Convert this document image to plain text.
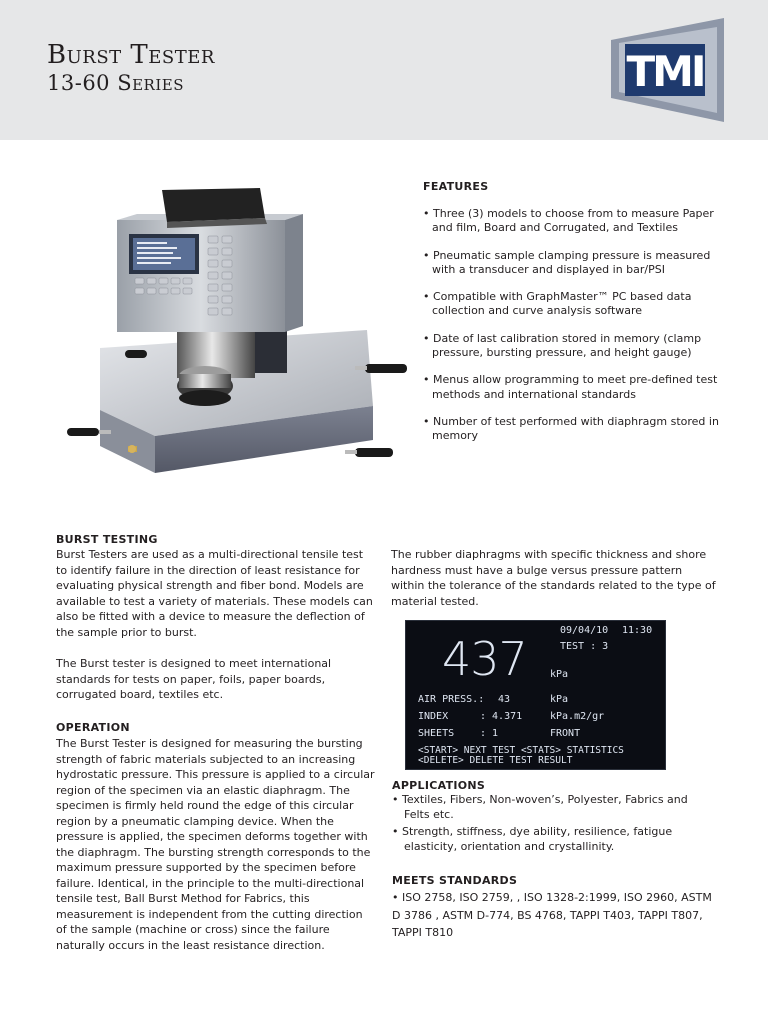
Burst Tester
13-60 Series	TMI
FEATURES
• Three (3) models to choose from to measure Paper and film, Board and Corrugated, and Textiles
• Pneumatic sample clamping pressure is measured with a transducer and displayed in bar/PSI
• Compatible with GraphMaster™ PC based data collection and curve analysis software
• Date of last calibration stored in memory (clamp pressure, bursting pressure, and height gauge)
• Menus allow programming to meet pre-defined test methods and international standards
• Number of test performed with diaphragm stored in memory
BURST TESTING
Burst Testers are used as a multi-directional tensile test to identify failure in the direction of least resistance for evaluating physical strength and fiber bond. Models are available to test a variety of materials. These models can also be fitted with a device to measure the deflection of the sample prior to burst.
The Burst tester is designed to meet international standards for tests on paper, foils, paper boards, corrugated board, textiles etc.
OPERATION
The Burst Tester is designed for measuring the bursting strength of fabric materials subjected to an increasing hydrostatic pressure. This pressure is applied to a circular region of the specimen via an elastic diaphragm. The specimen is firmly held round the edge of this circular region by a pneumatic clamping device. When the pressure is applied, the specimen deforms together with the diaphragm. The bursting strength corresponds to the maximum pressure supported by the specimen before failure. Identical, in the principle to the multi-directional tensile test, Ball Burst Method for Fabrics, this measurement is independent from the cutting direction of the sample (machine or cross) since the failure naturally occurs in the least resistance direction.
The rubber diaphragms with specific thickness and shore hardness must have a bulge versus pressure pattern within the tolerance of the standards related to the type of material tested.
09/04/10 11:30
TEST : 3
437 kPa
AIR PRESS.: 43	kPa
INDEX	: 4.371	kPa.m2/gr
SHEETS	: 1	FRONT
<START> NEXT TEST <STATS> STATISTICS
<DELETE> DELETE TEST RESULT
APPLICATIONS
• Textiles, Fibers, Non-woven’s, Polyester, Fabrics and Felts etc.
• Strength, stiffness, dye ability, resilience, fatigue elasticity, orientation and crystallinity.
MEETS STANDARDS
• ISO 2758, ISO 2759, , ISO 1328-2:1999, ISO 2960, ASTM D 3786 , ASTM D-774, BS 4768, TAPPI T403, TAPPI T807, TAPPI T810
